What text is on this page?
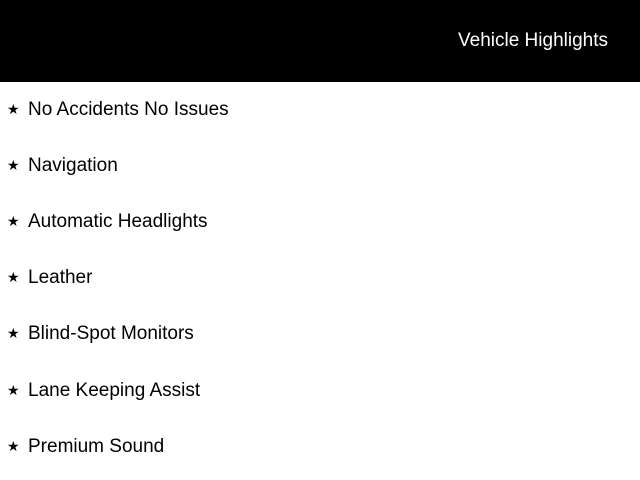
Vehicle Highlights
★ No Accidents No Issues
★ Navigation
★ Automatic Headlights
★ Leather
★ Blind-Spot Monitors
★ Lane Keeping Assist
★ Premium Sound
